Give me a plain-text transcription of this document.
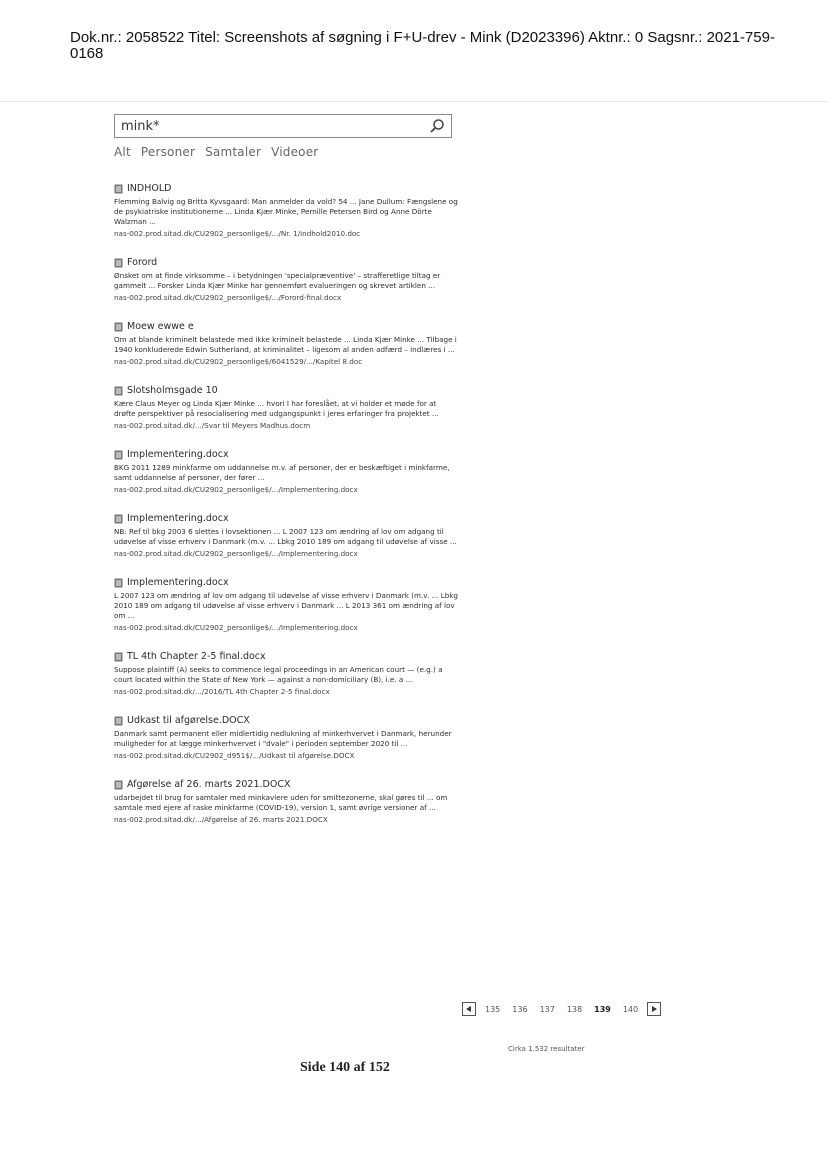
Dok.nr.: 2058522 Titel: Screenshots af søgning i F+U-drev - Mink (D2023396) Aktnr.: 0 Sagsnr.: 2021-759-0168
mink*
Alt Personer Samtaler Videoer
INDHOLD
Flemming Balvig og Britta Kyvsgaard: Man anmelder da vold? 54 ... Jane Dullum: Fængslene og de psykiatriske institutionerne ... Linda Kjær Minke, Pernille Petersen Bird og Anne Dörte Walzman ...
nas-002.prod.sitad.dk/CU2902_personlige$/.../Nr. 1/indhold2010.doc
Forord
Ønsket om at finde virksomme – i betydningen 'specialpræventive' – strafferetlige tiltag er gammelt ... Forsker Linda Kjær Minke har gennemført evalueringen og skrevet artiklen ...
nas-002.prod.sitad.dk/CU2902_personlige$/.../Forord-final.docx
Moew ewwe e
Om at blande kriminelt belastede med ikke kriminelt belastede ... Linda Kjær Minke ... Tilbage i 1940 konkluderede Edwin Sutherland, at kriminalitet – ligesom al anden adfærd – indlæres i ...
nas-002.prod.sitad.dk/CU2902_personlige$/6041529/.../Kapitel 8.doc
Slotsholmsgade 10
Kære Claus Meyer og Linda Kjær Minke ... hvori I har foreslået, at vi holder et møde for at drøfte perspektiver på resocialisering med udgangspunkt i jeres erfaringer fra projektet ...
nas-002.prod.sitad.dk/.../Svar til Meyers Madhus.docm
Implementering.docx
BKG 2011 1289 minkfarme om uddannelse m.v. af personer, der er beskæftiget i minkfarme, samt uddannelse af personer, der fører ...
nas-002.prod.sitad.dk/CU2902_personlige$/.../Implementering.docx
Implementering.docx
NB: Ref til bkg 2003 6 slettes i lovsektionen ... L 2007 123 om ændring af lov om adgang til udøvelse af visse erhverv i Danmark (m.v. ... Lbkg 2010 189 om adgang til udøvelse af visse ...
nas-002.prod.sitad.dk/CU2902_personlige$/.../Implementering.docx
Implementering.docx
L 2007 123 om ændring af lov om adgang til udøvelse af visse erhverv i Danmark (m.v. ... Lbkg 2010 189 om adgang til udøvelse af visse erhverv i Danmark ... L 2013 361 om ændring af lov om ...
nas-002.prod.sitad.dk/CU2902_personlige$/.../Implementering.docx
TL 4th Chapter 2-5 final.docx
Suppose plaintiff (A) seeks to commence legal proceedings in an American court — (e.g.) a court located within the State of New York — against a non-domiciliary (B), i.e. a ...
nas-002.prod.sitad.dk/.../2016/TL 4th Chapter 2-5 final.docx
Udkast til afgørelse.DOCX
Danmark samt permanent eller midlertidig nedlukning af minkerhvervet i Danmark, herunder muligheder for at lægge minkerhvervet i "dvale" i perioden september 2020 til ...
nas-002.prod.sitad.dk/CU2902_d951$/.../Udkast til afgørelse.DOCX
Afgørelse af 26. marts 2021.DOCX
udarbejdet til brug for samtaler med minkavlere uden for smittezonerne, skal gøres til ... om samtale med ejere af raske minkfarme (COVID-19), version 1, samt øvrige versioner af ...
nas-002.prod.sitad.dk/.../Afgørelse af 26. marts 2021.DOCX
135	136	137	138	139	140
Cirka 1.532 resultater
Side 140 af 152
